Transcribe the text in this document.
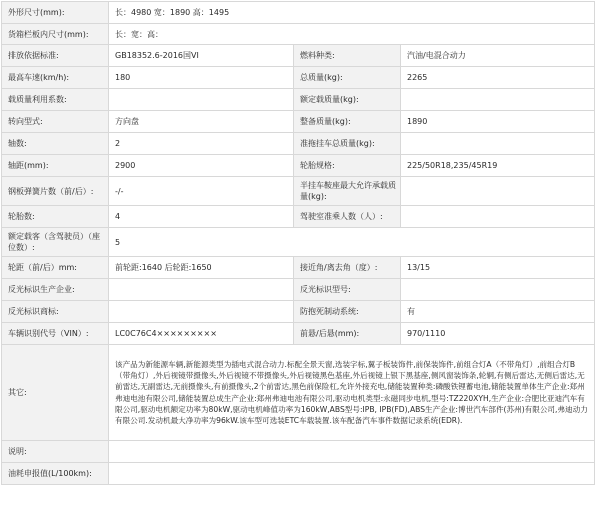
外形尺寸(mm):	长：4980 宽：1890 高：1495		
货箱栏板内尺寸(mm):	长：宽：高：		
排放依据标准:	GB18352.6-2016国VI	燃料种类:	汽油/电混合动力
最高车速(km/h):	180	总质量(kg):	2265
载质量利用系数:		额定载质量(kg):	
转向型式:	方向盘	整备质量(kg):	1890
轴数:	2	准拖挂车总质量(kg):	
轴距(mm):	2900	轮胎规格:	225/50R18,235/45R19
钢板弹簧片数（前/后）:	-/-	半挂车鞍座最大允许承载质量(kg):	
轮胎数:	4	驾驶室准乘人数（人）:	
额定载客（含驾驶员）（座位数）:	5		
轮距（前/后）mm:	前轮距:1640 后轮距:1650	接近角/离去角（度）:	13/15
反光标识生产企业:		反光标识型号:	
反光标识商标:		防抱死制动系统:	有
车辆识别代号（VIN）:	LC0C76C4×××××××××	前悬/后悬(mm):	970/1110
其它:	该产品为新能源车辆,新能源类型为插电式混合动力.标配全景天窗,选装字标,翼子板装饰件,前保装饰件,前组合灯A（不带角灯）,前组合灯B（带角灯）,外后视镜带摄像头,外后视镜不带摄像头,外后视镜黑色基座,外后视镜上银下黑基座,侧风窗装饰条,轮辋,有侧后雷达,无侧后雷达,无前雷达,无副雷达,无前摄像头,有前摄像头,2个前雷达,黑色前保险杠,允许外接充电,储能装置种类:磷酸铁锂蓄电池,储能装置单体生产企业:郑州弗迪电池有限公司,储能装置总成生产企业:郑州弗迪电池有限公司,驱动电机类型:永磁同步电机,型号:TZ220XYH,生产企业:合肥比亚迪汽车有限公司,驱动电机额定功率为80kW,驱动电机峰值功率为160kW,ABS型号:IPB, IPB(FD),ABS生产企业:博世汽车部件(苏州)有限公司,弗迪动力有限公司.发动机最大净功率为96kW.该车型可选装ETC车载装置.该车配备汽车事件数据记录系统(EDR).		
说明:			
油耗申报值(L/100km):			
